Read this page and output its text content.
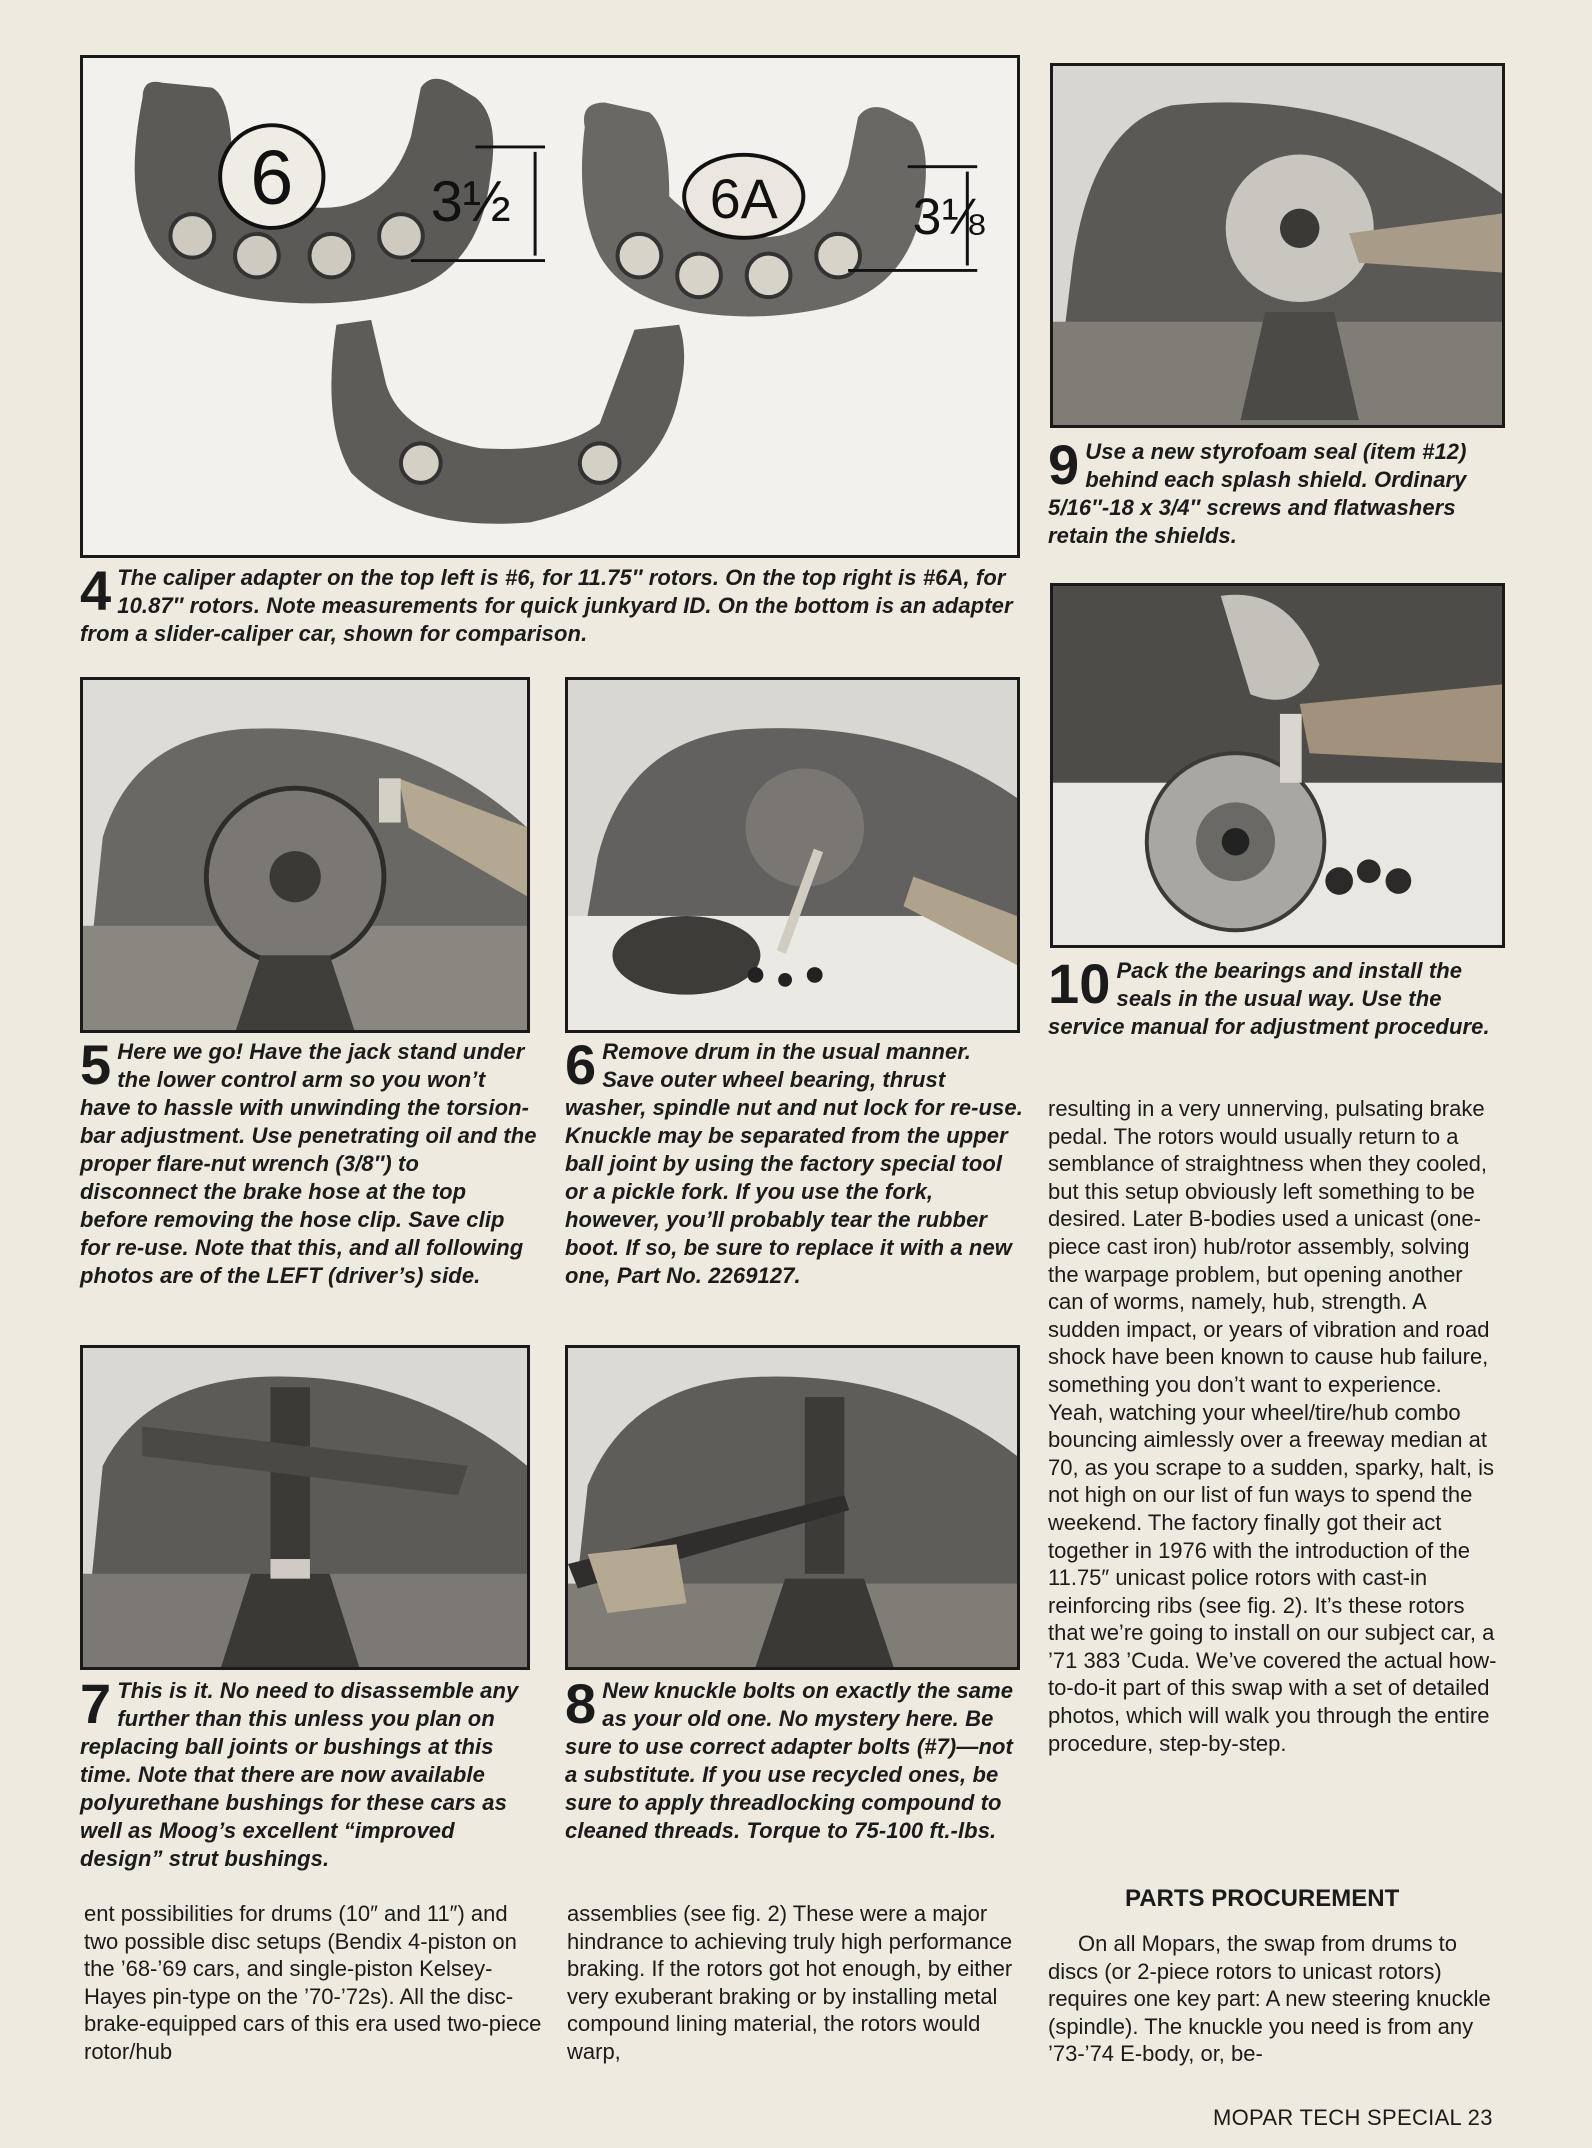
6 3½	6A	3⅛

4 The caliper adapter on the top left is #6, for 11.75″ rotors. On the top right is #6A, for 10.87″ rotors. Note measurements for quick junkyard ID. On the bottom is an adapter from a slider-caliper car, shown for comparison.

9 Use a new styrofoam seal (item #12) behind each splash shield. Ordinary 5/16″-18 x 3/4″ screws and flatwashers retain the shields.

10 Pack the bearings and install the seals in the usual way. Use the service manual for adjustment procedure.

5 Here we go! Have the jack stand under the lower control arm so you won’t have to hassle with unwinding the torsion-bar adjustment. Use penetrating oil and the proper flare-nut wrench (3/8″) to disconnect the brake hose at the top before removing the hose clip. Save clip for re-use. Note that this, and all following photos are of the LEFT (driver’s) side.

6 Remove drum in the usual manner. Save outer wheel bearing, thrust washer, spindle nut and nut lock for re-use. Knuckle may be separated from the upper ball joint by using the factory special tool or a pickle fork. If you use the fork, however, you’ll probably tear the rubber boot. If so, be sure to replace it with a new one, Part No. 2269127.

7 This is it. No need to disassemble any further than this unless you plan on replacing ball joints or bushings at this time. Note that there are now available polyurethane bushings for these cars as well as Moog’s excellent “improved design” strut bushings.

8 New knuckle bolts on exactly the same as your old one. No mystery here. Be sure to use correct adapter bolts (#7)—not a substitute. If you use recycled ones, be sure to apply threadlocking compound to cleaned threads. Torque to 75-100 ft.-lbs.

ent possibilities for drums (10″ and 11″) and two possible disc setups (Bendix 4-piston on the ’68-’69 cars, and single-piston Kelsey-Hayes pin-type on the ’70-’72s). All the disc-brake-equipped cars of this era used two-piece rotor/hub

assemblies (see fig. 2) These were a major hindrance to achieving truly high performance braking. If the rotors got hot enough, by either very exuberant braking or by installing metal compound lining material, the rotors would warp,

resulting in a very unnerving, pulsating brake pedal. The rotors would usually return to a semblance of straightness when they cooled, but this setup obviously left something to be desired. Later B-bodies used a unicast (one-piece cast iron) hub/rotor assembly, solving the warpage problem, but opening another can of worms, namely, hub, strength. A sudden impact, or years of vibration and road shock have been known to cause hub failure, something you don’t want to experience. Yeah, watching your wheel/tire/hub combo bouncing aimlessly over a freeway median at 70, as you scrape to a sudden, sparky, halt, is not high on our list of fun ways to spend the weekend. The factory finally got their act together in 1976 with the introduction of the 11.75″ unicast police rotors with cast-in reinforcing ribs (see fig. 2). It’s these rotors that we’re going to install on our subject car, a ’71 383 ’Cuda. We’ve covered the actual how-to-do-it part of this swap with a set of detailed photos, which will walk you through the entire procedure, step-by-step.

PARTS PROCUREMENT

On all Mopars, the swap from drums to discs (or 2-piece rotors to unicast rotors) requires one key part: A new steering knuckle (spindle). The knuckle you need is from any ’73-’74 E-body, or, be-

MOPAR TECH SPECIAL 23
